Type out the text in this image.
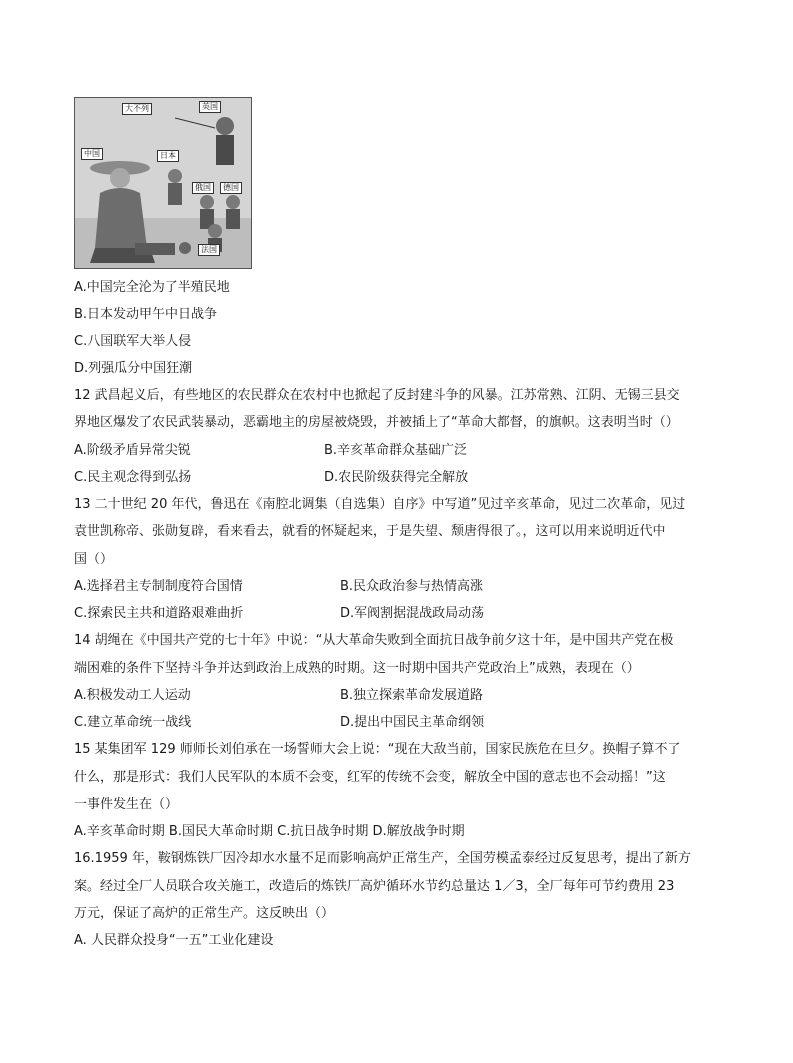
大不列	英国
中国	日本
俄国	德国
法国
A.中国完全沦为了半殖民地
B.日本发动甲午中日战争
C.八国联军大举人侵
D.列强瓜分中国狂潮
12 武昌起义后，有些地区的农民群众在农村中也掀起了反封建斗争的风暴。江苏常熟、江阴、无锡三县交
界地区爆发了农民武装暴动，恶霸地主的房屋被烧毁，并被插上了“革命大都督，的旗帜。这表明当时（）
A.阶级矛盾异常尖锐	B.辛亥革命群众基础广泛
C.民主观念得到弘扬	D.农民阶级获得完全解放
13 二十世纪 20 年代，鲁迅在《南腔北调集（自选集）自序》中写道”见过辛亥革命，见过二次革命，见过
袁世凯称帝、张勋复辟，看来看去，就看的怀疑起来，于是失望、颓唐得很了。，这可以用来说明近代中
国（）
A.选择君主专制制度符合国情	B.民众政治参与热情高涨
C.探索民主共和道路艰难曲折	D.军阀割据混战政局动荡
14 胡绳在《中国共产党的七十年》中说：“从大革命失败到全面抗日战争前夕这十年，是中国共产党在极
端困难的条件下坚持斗争并达到政治上成熟的时期。这一时期中国共产党政治上”成熟，表现在（）
A.积极发动工人运动	B.独立探索革命发展道路
C.建立革命统一战线	D.提出中国民主革命纲领
15 某集团军 129 师师长刘伯承在一场誓师大会上说：“现在大敌当前，国家民族危在旦夕。换帽子算不了
什么，那是形式：我们人民军队的本质不会变，红军的传统不会变，解放全中国的意志也不会动摇！”这
一事件发生在（）
A.辛亥革命时期 B.国民大革命时期 C.抗日战争时期 D.解放战争时期
16.1959 年，鞍钢炼铁厂因冷却水水量不足而影响高炉正常生产，全国劳模孟泰经过反复思考，提出了新方
案。经过全厂人员联合攻关施工，改造后的炼铁厂高炉循环水节约总量达 1／3，全厂每年可节约费用 23
万元，保证了高炉的正常生产。这反映出（）
A. 人民群众投身“一五”工业化建设
